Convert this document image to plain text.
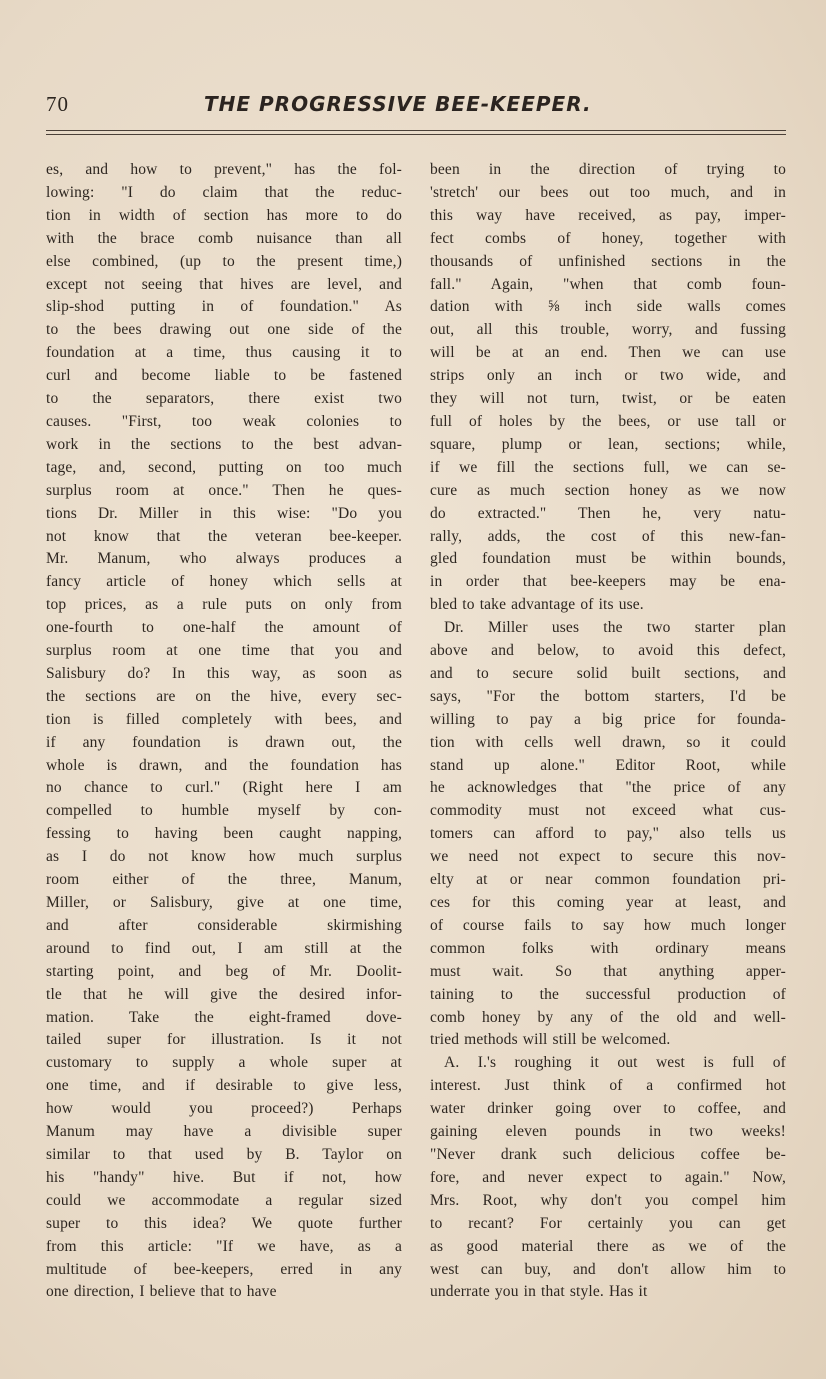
70	THE PROGRESSIVE BEE-KEEPER.
es, and how to prevent," has the fol-
lowing: "I do claim that the reduc-
tion in width of section has more to do
with the brace comb nuisance than all
else combined, (up to the present time,)
except not seeing that hives are level, and
slip-shod putting in of foundation." As
to the bees drawing out one side of the
foundation at a time, thus causing it to
curl and become liable to be fastened
to the separators, there exist two
causes. "First, too weak colonies to
work in the sections to the best advan-
tage, and, second, putting on too much
surplus room at once." Then he ques-
tions Dr. Miller in this wise: "Do you
not know that the veteran bee-keeper.
Mr. Manum, who always produces a
fancy article of honey which sells at
top prices, as a rule puts on only from
one-fourth to one-half the amount of
surplus room at one time that you and
Salisbury do? In this way, as soon as
the sections are on the hive, every sec-
tion is filled completely with bees, and
if any foundation is drawn out, the
whole is drawn, and the foundation has
no chance to curl." (Right here I am
compelled to humble myself by con-
fessing to having been caught napping,
as I do not know how much surplus
room either of the three, Manum,
Miller, or Salisbury, give at one time,
and after considerable skirmishing
around to find out, I am still at the
starting point, and beg of Mr. Doolit-
tle that he will give the desired infor-
mation. Take the eight-framed dove-
tailed super for illustration. Is it not
customary to supply a whole super at
one time, and if desirable to give less,
how would you proceed?) Perhaps
Manum may have a divisible super
similar to that used by B. Taylor on
his "handy" hive. But if not, how
could we accommodate a regular sized
super to this idea? We quote further
from this article: "If we have, as a
multitude of bee-keepers, erred in any
one direction, I believe that to have
been in the direction of trying to
'stretch' our bees out too much, and in
this way have received, as pay, imper-
fect combs of honey, together with
thousands of unfinished sections in the
fall." Again, "when that comb foun-
dation with ⅝ inch side walls comes
out, all this trouble, worry, and fussing
will be at an end. Then we can use
strips only an inch or two wide, and
they will not turn, twist, or be eaten
full of holes by the bees, or use tall or
square, plump or lean, sections; while,
if we fill the sections full, we can se-
cure as much section honey as we now
do extracted." Then he, very natu-
rally, adds, the cost of this new-fan-
gled foundation must be within bounds,
in order that bee-keepers may be ena-
bled to take advantage of its use.
Dr. Miller uses the two starter plan
above and below, to avoid this defect,
and to secure solid built sections, and
says, "For the bottom starters, I'd be
willing to pay a big price for founda-
tion with cells well drawn, so it could
stand up alone." Editor Root, while
he acknowledges that "the price of any
commodity must not exceed what cus-
tomers can afford to pay," also tells us
we need not expect to secure this nov-
elty at or near common foundation pri-
ces for this coming year at least, and
of course fails to say how much longer
common folks with ordinary means
must wait. So that anything apper-
taining to the successful production of
comb honey by any of the old and well-
tried methods will still be welcomed.
A. I.'s roughing it out west is full of
interest. Just think of a confirmed hot
water drinker going over to coffee, and
gaining eleven pounds in two weeks!
"Never drank such delicious coffee be-
fore, and never expect to again." Now,
Mrs. Root, why don't you compel him
to recant? For certainly you can get
as good material there as we of the
west can buy, and don't allow him to
underrate you in that style. Has it
